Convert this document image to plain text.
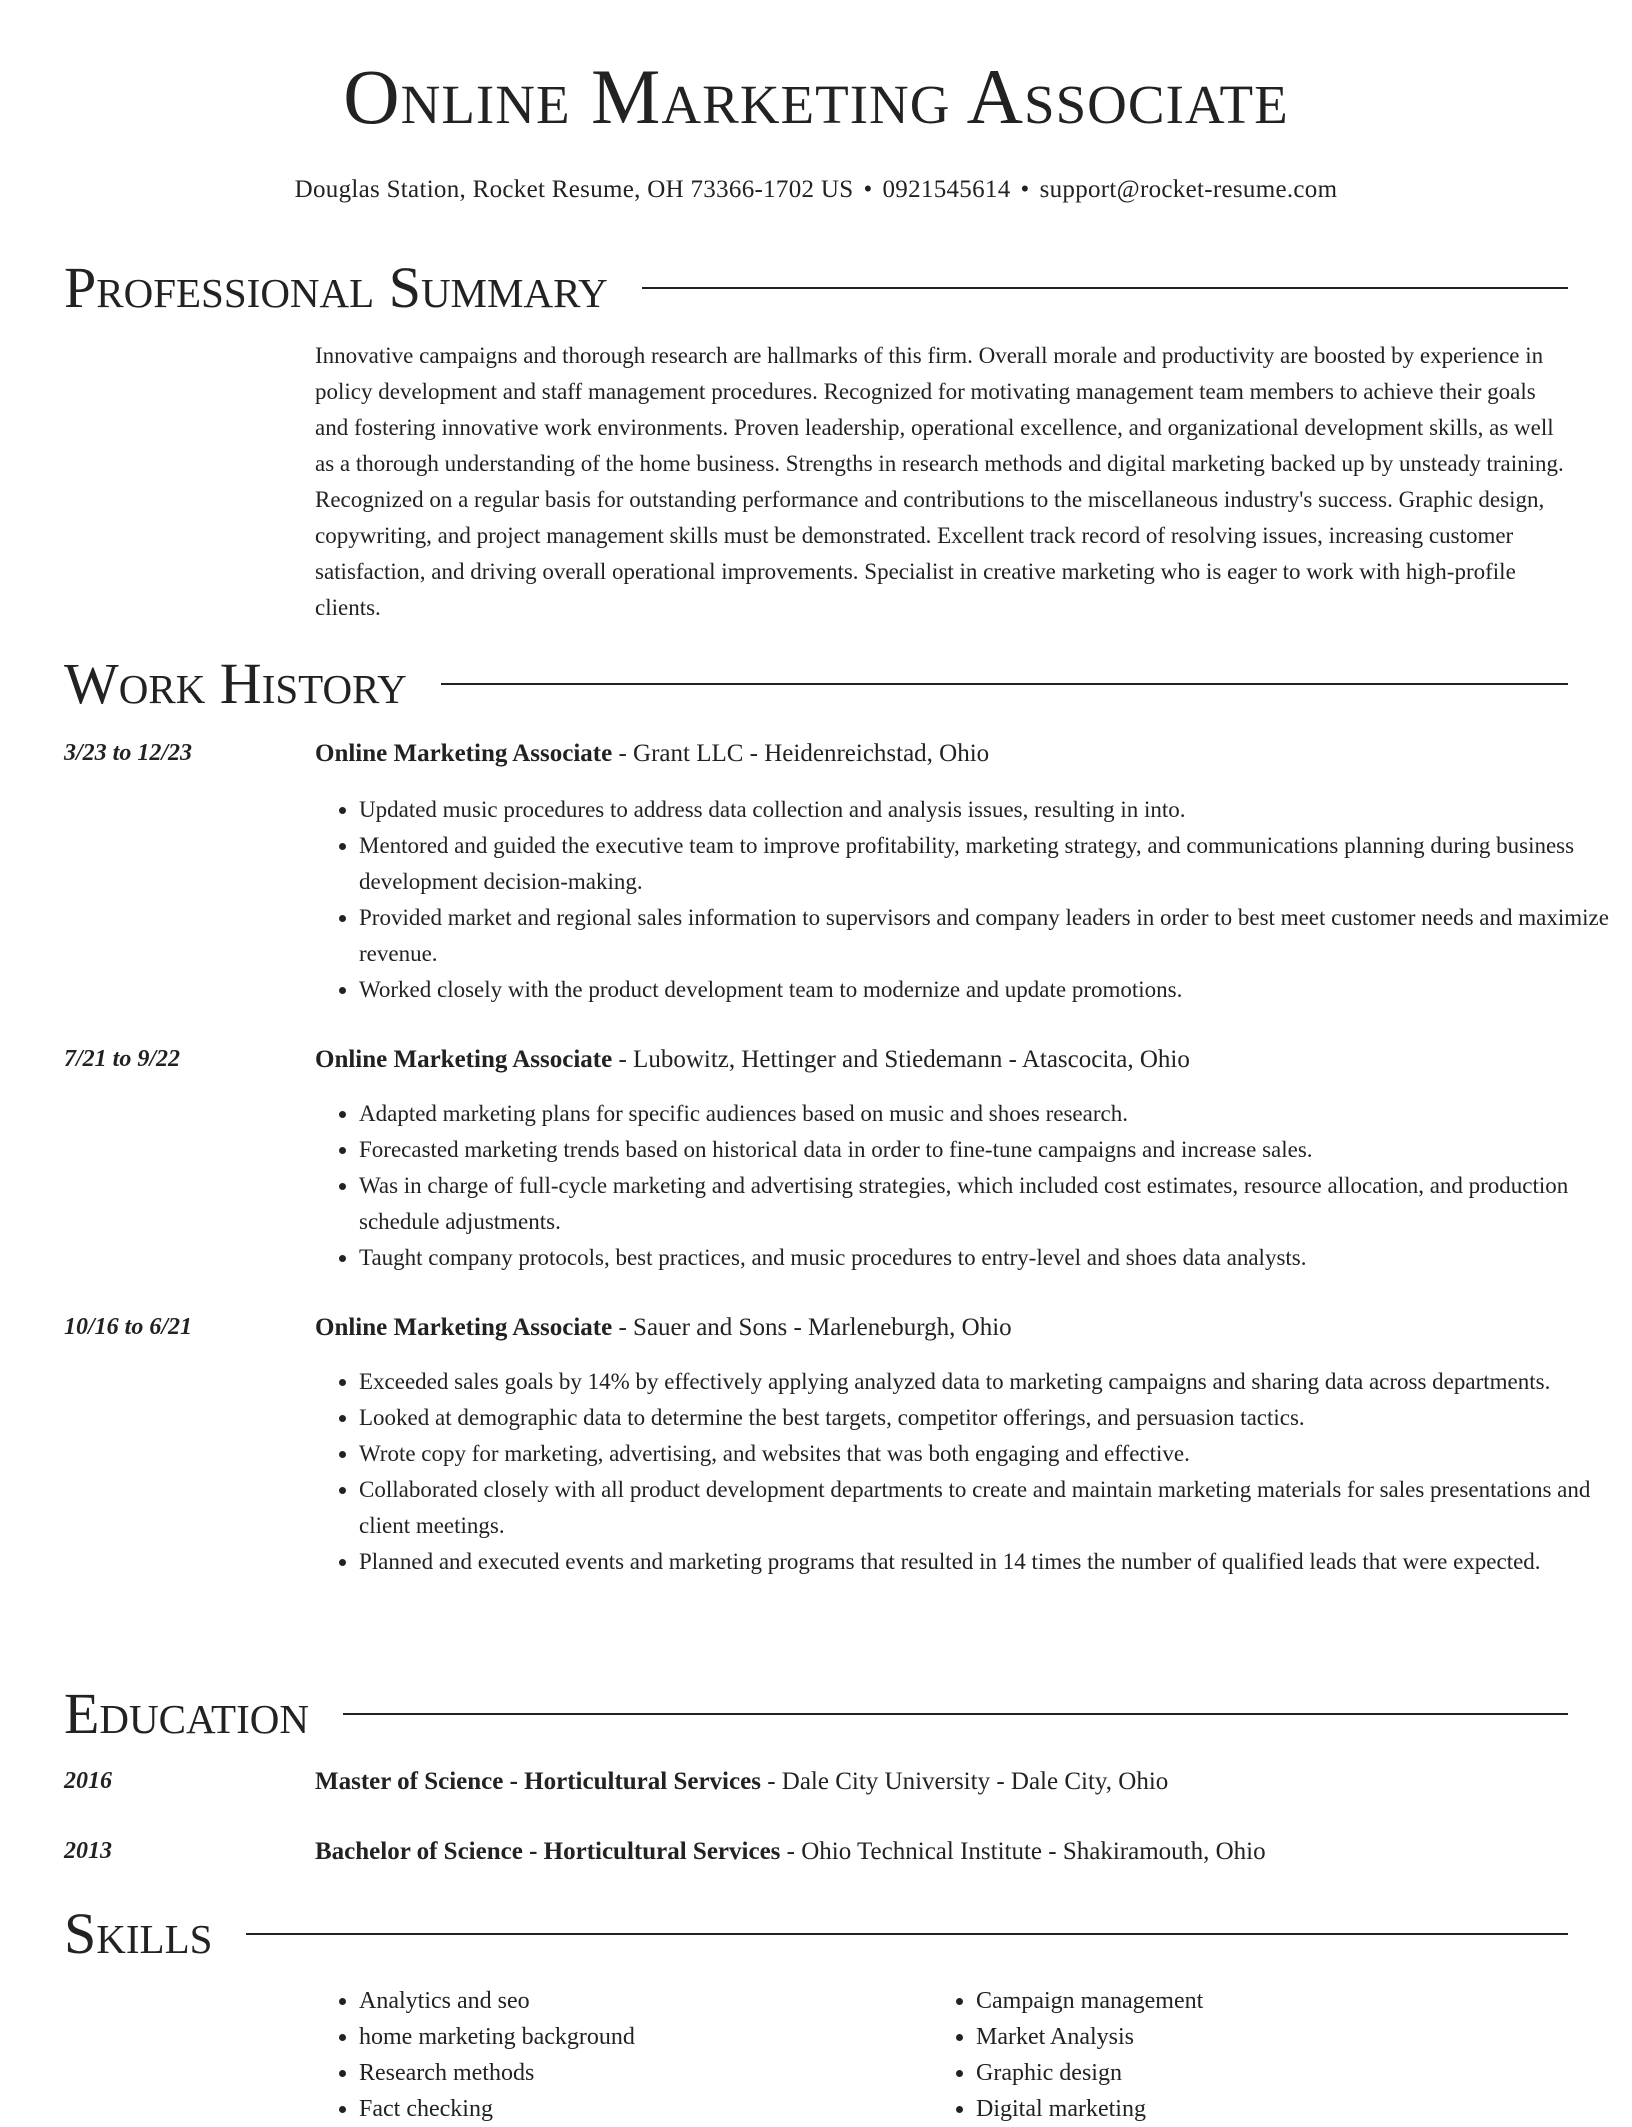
Online Marketing Associate
Douglas Station, Rocket Resume, OH 73366-1702 US • 0921545614 • support@rocket-resume.com
Professional Summary

Innovative campaigns and thorough research are hallmarks of this firm. Overall morale and productivity are boosted by experience in policy development and staff management procedures. Recognized for motivating management team members to achieve their goals and fostering innovative work environments. Proven leadership, operational excellence, and organizational development skills, as well as a thorough understanding of the home business. Strengths in research methods and digital marketing backed up by unsteady training. Recognized on a regular basis for outstanding performance and contributions to the miscellaneous industry's success. Graphic design, copywriting, and project management skills must be demonstrated. Excellent track record of resolving issues, increasing customer satisfaction, and driving overall operational improvements. Specialist in creative marketing who is eager to work with high-profile clients.

Work History
3/23 to 12/23	Online Marketing Associate - Grant LLC - Heidenreichstad, Ohio
• Updated music procedures to address data collection and analysis issues, resulting in into.
• Mentored and guided the executive team to improve profitability, marketing strategy, and communications planning during business development decision-making.
• Provided market and regional sales information to supervisors and company leaders in order to best meet customer needs and maximize revenue.
• Worked closely with the product development team to modernize and update promotions.
7/21 to 9/22	Online Marketing Associate - Lubowitz, Hettinger and Stiedemann - Atascocita, Ohio
• Adapted marketing plans for specific audiences based on music and shoes research.
• Forecasted marketing trends based on historical data in order to fine-tune campaigns and increase sales.
• Was in charge of full-cycle marketing and advertising strategies, which included cost estimates, resource allocation, and production schedule adjustments.
• Taught company protocols, best practices, and music procedures to entry-level and shoes data analysts.
10/16 to 6/21	Online Marketing Associate - Sauer and Sons - Marleneburgh, Ohio
• Exceeded sales goals by 14% by effectively applying analyzed data to marketing campaigns and sharing data across departments.
• Looked at demographic data to determine the best targets, competitor offerings, and persuasion tactics.
• Wrote copy for marketing, advertising, and websites that was both engaging and effective.
• Collaborated closely with all product development departments to create and maintain marketing materials for sales presentations and client meetings.
• Planned and executed events and marketing programs that resulted in 14 times the number of qualified leads that were expected.
Education
2016	Master of Science - Horticultural Services - Dale City University - Dale City, Ohio
2013	Bachelor of Science - Horticultural Services - Ohio Technical Institute - Shakiramouth, Ohio
Skills
• Analytics and seo
• home marketing background
• Research methods
• Fact checking
• Campaign management
• Market Analysis
• Graphic design
• Digital marketing
